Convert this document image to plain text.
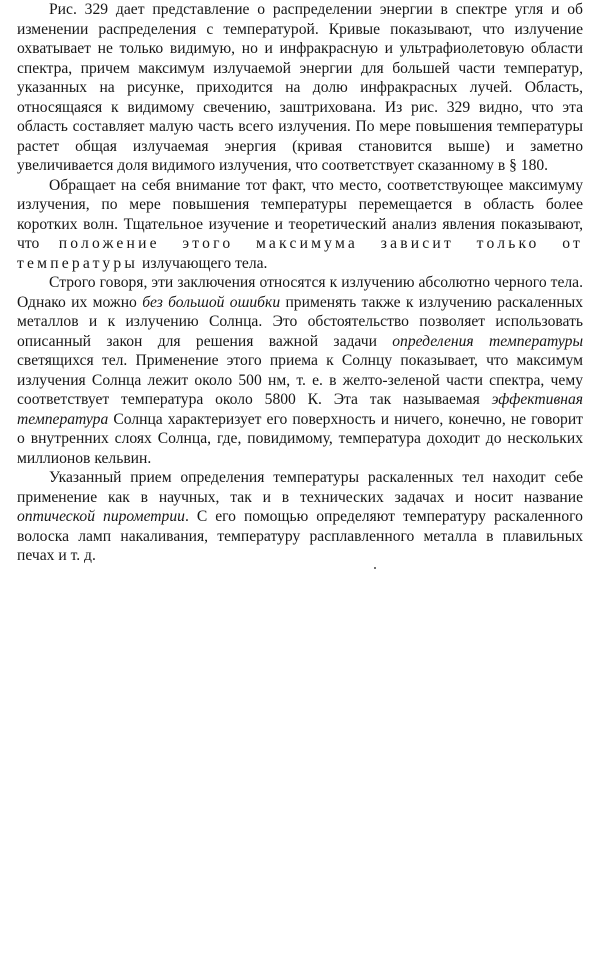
Рис. 329 дает представление о распределении энергии в спектре угля и об изменении распределения с температурой. Кривые показывают, что излучение охватывает не только видимую, но и инфракрасную и ультрафиолетовую области спектра, причем максимум излучаемой энергии для большей части температур, указанных на рисунке, приходится на долю инфракрасных лучей. Область, относящаяся к видимому свечению, заштрихована. Из рис. 329 видно, что эта область составляет малую часть всего излучения. По мере повышения температуры растет общая излучаемая энергия (кривая становится выше) и заметно увеличивается доля видимого излучения, что соответствует сказанному в § 180.

Обращает на себя внимание тот факт, что место, соответствующее максимуму излучения, по мере повышения температуры перемещается в область более коротких волн. Тщательное изучение и теоретический анализ явления показывают, что положение этого максимума зависит только от температуры излучающего тела.

Строго говоря, эти заключения относятся к излучению абсолютно черного тела. Однако их можно без большой ошибки применять также к излучению раскаленных металлов и к излучению Солнца. Это обстоятельство позволяет использовать описанный закон для решения важной задачи определения температуры светящихся тел. Применение этого приема к Солнцу показывает, что максимум излучения Солнца лежит около 500 нм, т. е. в желто-зеленой части спектра, чему соответствует температура около 5800 К. Эта так называемая эффективная температура Солнца характеризует его поверхность и ничего, конечно, не говорит о внутренних слоях Солнца, где, повидимому, температура доходит до нескольких миллионов кельвин.

Указанный прием определения температуры раскаленных тел находит себе применение как в научных, так и в технических задачах и носит название оптической пирометрии. С его помощью определяют температуру раскаленного волоска ламп накаливания, температуру расплавленного металла в плавильных печах и т. д.
